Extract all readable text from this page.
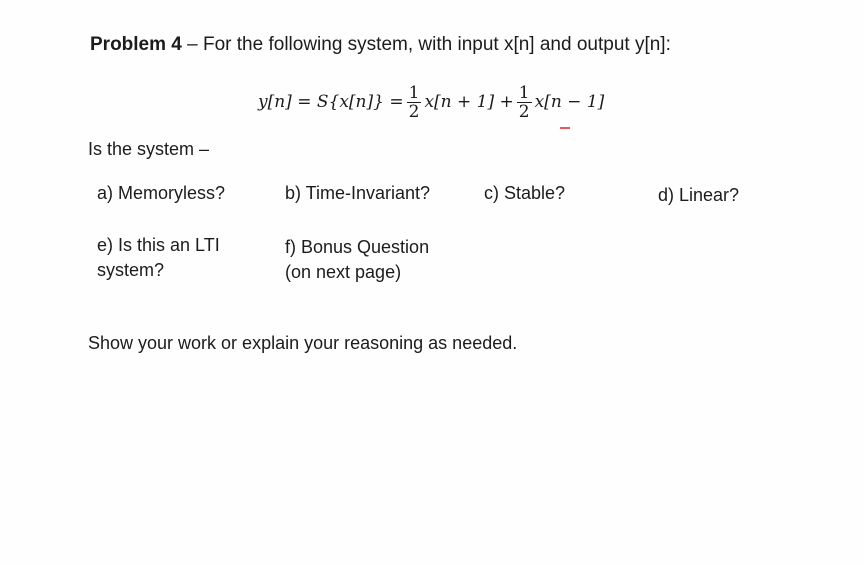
Problem 4 – For the following system, with input x[n] and output y[n]:
$y[n] = S\{x[n]\} = \frac{1}{2} x[n + 1] + \frac{1}{2} x[n - 1]$
Is the system –
a) Memoryless?	b) Time-Invariant?	c) Stable?	d) Linear?
e) Is this an LTI
system?
f) Bonus Question
(on next page)
Show your work or explain your reasoning as needed.
